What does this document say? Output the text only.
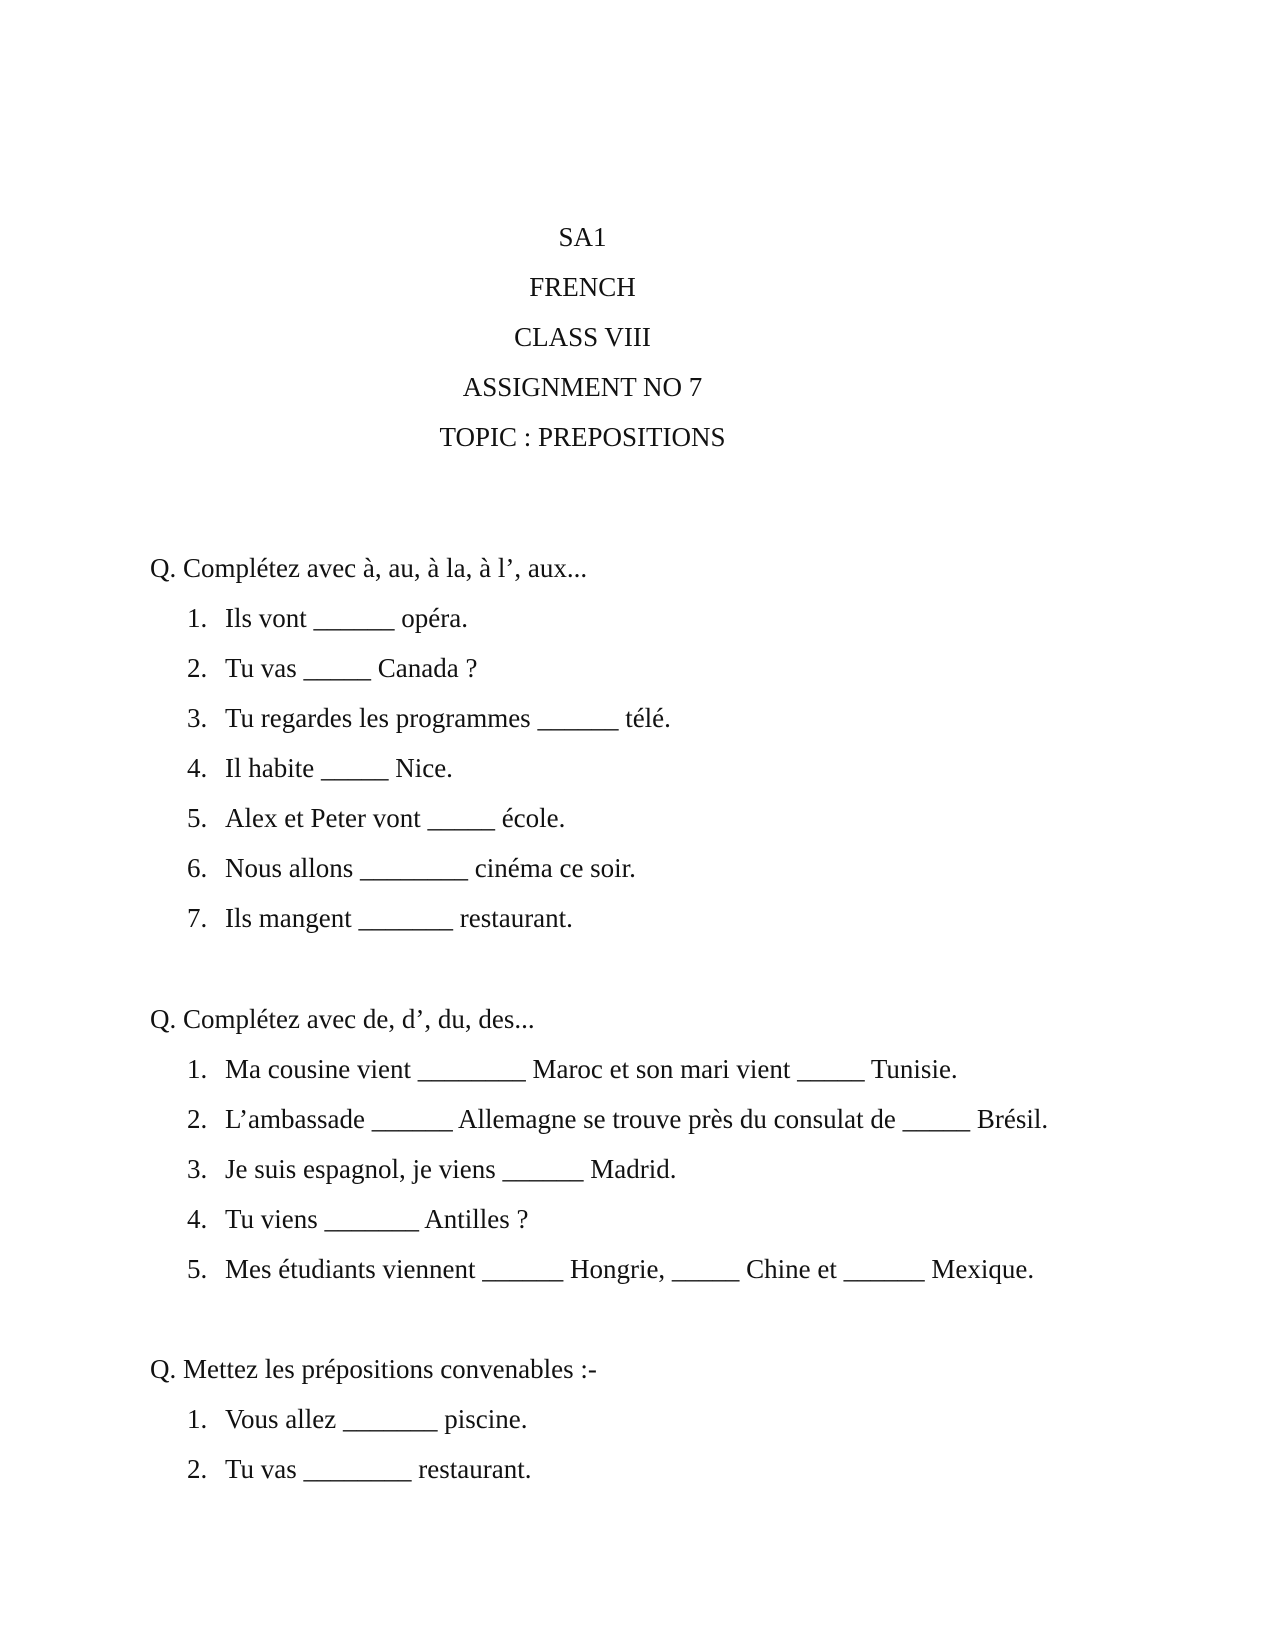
SA1
FRENCH
CLASS VIII
ASSIGNMENT NO 7
TOPIC : PREPOSITIONS
Q. Complétez avec à, au, à la, à l’, aux...
1. Ils vont ______ opéra.
2. Tu vas _____ Canada ?
3. Tu regardes les programmes ______ télé.
4. Il habite _____ Nice.
5. Alex et Peter vont _____ école.
6. Nous allons ________ cinéma ce soir.
7. Ils mangent _______ restaurant.
Q. Complétez avec de, d’, du, des...
1. Ma cousine vient ________ Maroc et son mari vient _____ Tunisie.
2. L’ambassade ______ Allemagne se trouve près du consulat de _____ Brésil.
3. Je suis espagnol, je viens ______ Madrid.
4. Tu viens _______ Antilles ?
5. Mes étudiants viennent ______ Hongrie, _____ Chine et ______ Mexique.
Q. Mettez les prépositions convenables :-
1. Vous allez _______ piscine.
2. Tu vas ________ restaurant.
